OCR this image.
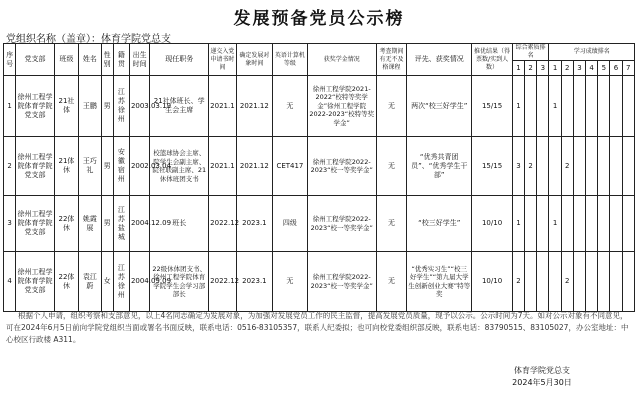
发展预备党员公示榜
党组织名称（盖章）：体育学院党总支
序号	党支部	班级	姓名	性别	籍贯	出生时间	现任职务	递交入党申请书时间	确定发展对象时间	英语计算机等级	获奖学金情况	考查期间有无不及格课程	评先、获奖情况	推优结果（得票数/实到人数）	综合素质排名			学习成绩排名						
															1	2	3	1	2	3	4	5	6	7
1	徐州工程学院体育学院党支部	21社体	王鹏	男	江苏徐州	2003.03.19	21社体班长、学生会主席	2021.1	2021.12	无	徐州工程学院2021-2022“校特等奖学金”徐州工程学院2022-2023“校特等奖学金”	无	两次“校三好学生”	15/15	1			1						
2	徐州工程学院体育学院党支部	21体休	王巧礼	男	安徽宿州	2002.03.04	校篮球协会主席、院学生会副主席、院社联副主席、21休体班团支书	2021.1	2021.12	CET417	徐州工程学院2022-2023“校一等奖学金”	无	“优秀共青团员”、“优秀学生干部”	15/15	3	2			2					
3	徐州工程学院体育学院党支部	22体休	姚霞展	男	江苏盐城	2004.12.09	班长	2022.12	2023.1	四级	徐州工程学院2022-2023“校一等奖学金”	无	“校三好学生”	10/10	1			1						
4	徐州工程学院体育学院党支部	22体休	袁江蔚	女	江苏徐州	2004.09.09	22级休体团支书、徐州工程学院体育学院学生会学习部部长	2022.12	2023.1	无	徐州工程学院2022-2023“校一等奖学金”	无	“优秀实习生”“校三好学生”“第九届大学生创新创业大赛”特等奖	10/10	2				2					
根据个人申请，组织考察和支部意见，以上4名同志确定为发展对象，为加强对发展党员工作的民主监督，提高发展党员质量，现予以公示。公示时间为7天。如对公示对象有不同意见，可在2024年6月5日前向学院党组织当面或署名书面反映，联系电话：0516-83105357，联系人纪委拟；也可向校党委组织部反映，联系电话：83790515、83105027，办公室地址：中心校区行政楼 A311。
体育学院党总支
2024年5月30日
